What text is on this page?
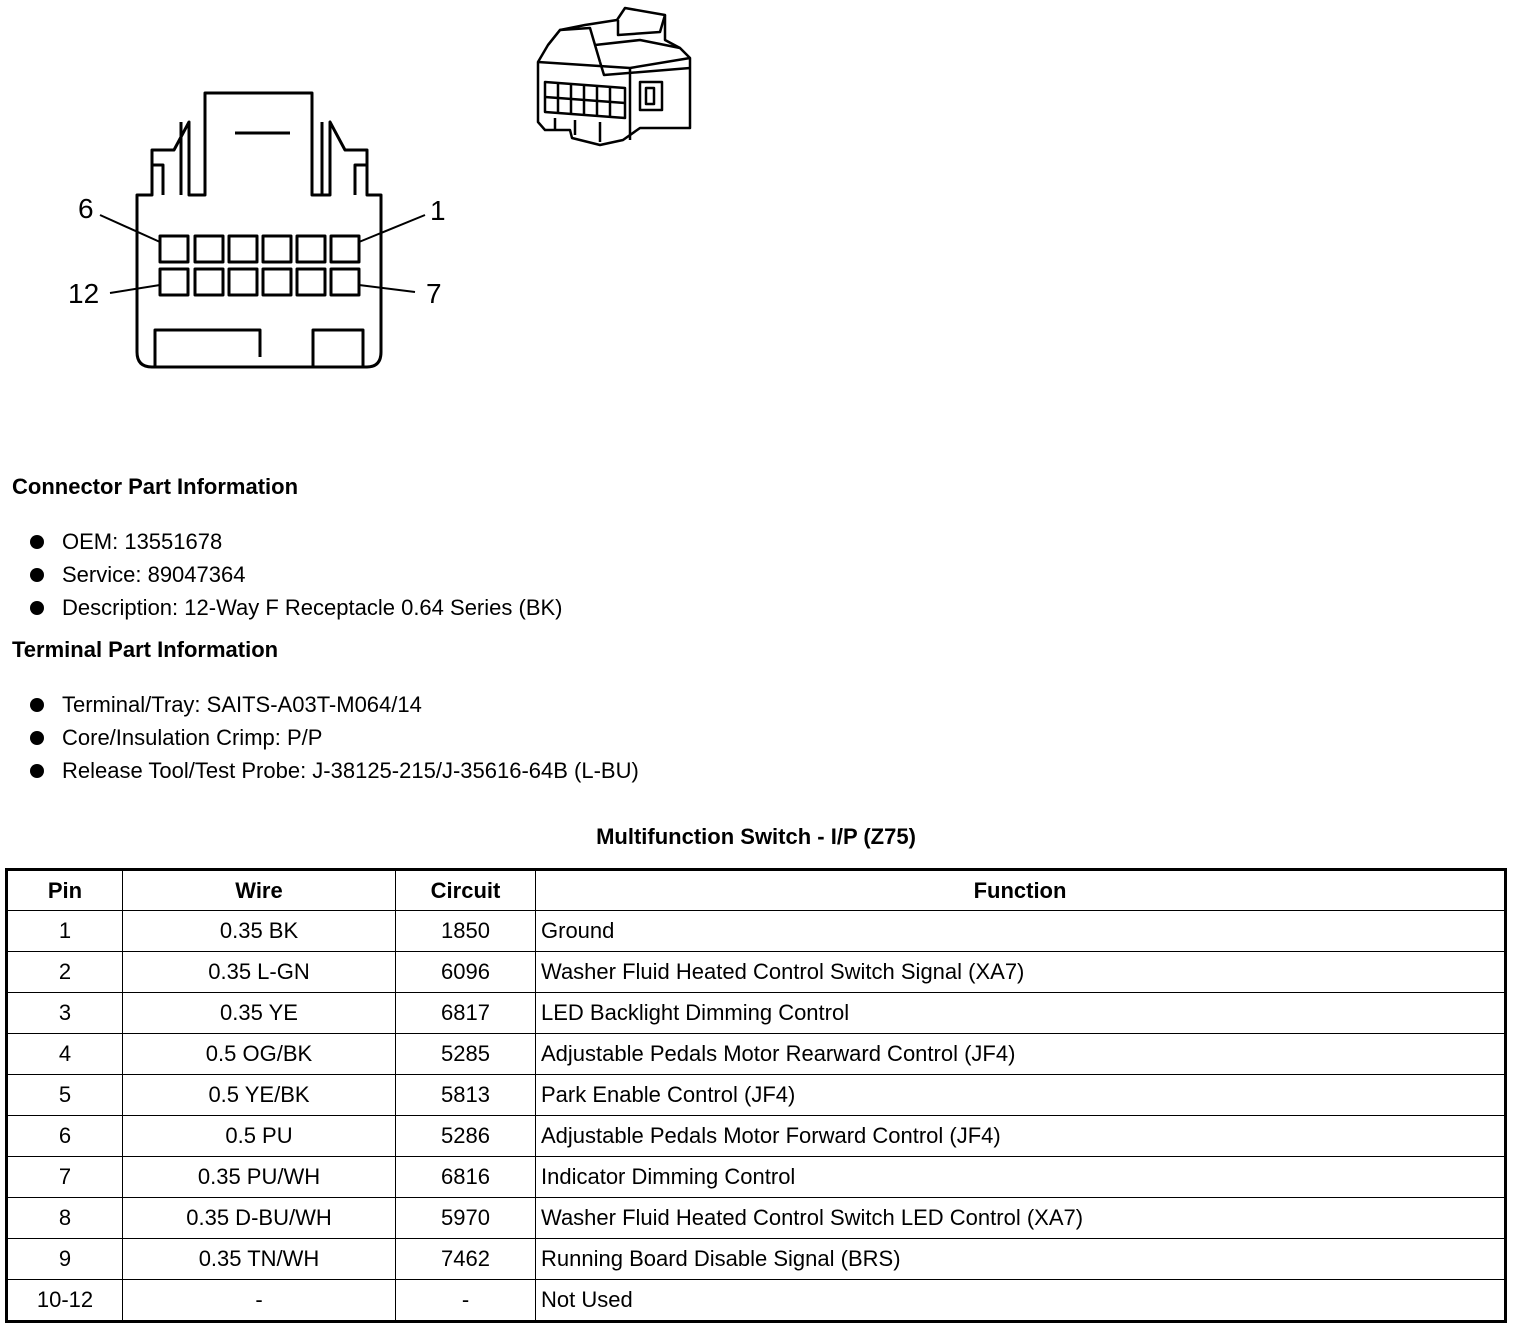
6	1
12	7
Connector Part Information
OEM: 13551678
Service: 89047364
Description: 12-Way F Receptacle 0.64 Series (BK)
Terminal Part Information
Terminal/Tray: SAITS-A03T-M064/14
Core/Insulation Crimp: P/P
Release Tool/Test Probe: J-38125-215/J-35616-64B (L-BU)
Multifunction Switch - I/P (Z75)
Pin	Wire	Circuit	Function
1	0.35 BK	1850	Ground
2	0.35 L-GN	6096	Washer Fluid Heated Control Switch Signal (XA7)
3	0.35 YE	6817	LED Backlight Dimming Control
4	0.5 OG/BK	5285	Adjustable Pedals Motor Rearward Control (JF4)
5	0.5 YE/BK	5813	Park Enable Control (JF4)
6	0.5 PU	5286	Adjustable Pedals Motor Forward Control (JF4)
7	0.35 PU/WH	6816	Indicator Dimming Control
8	0.35 D-BU/WH	5970	Washer Fluid Heated Control Switch LED Control (XA7)
9	0.35 TN/WH	7462	Running Board Disable Signal (BRS)
10-12	-	-	Not Used
